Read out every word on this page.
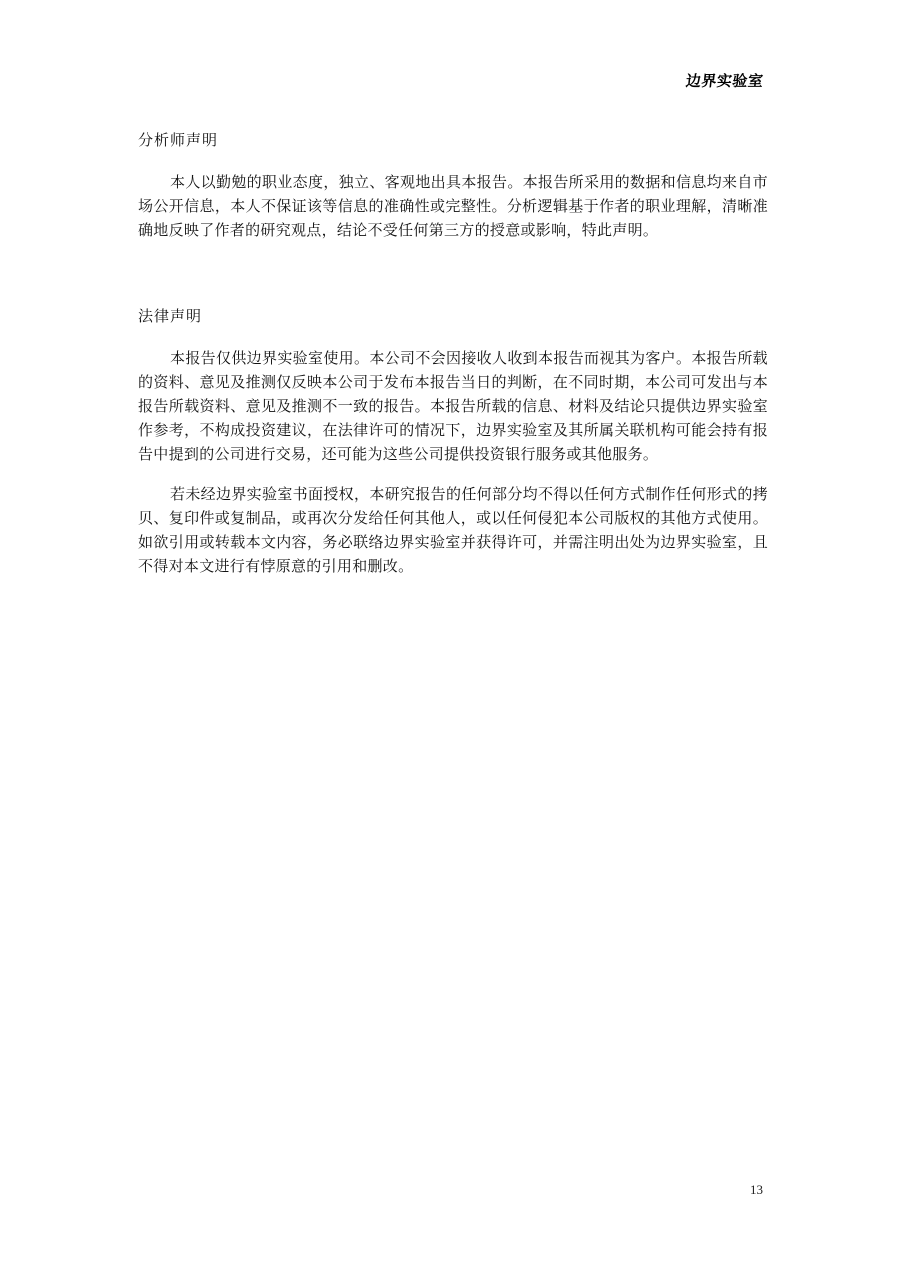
边界实验室
分析师声明

本人以勤勉的职业态度，独立、客观地出具本报告。本报告所采用的数据和信息均来自市场公开信息，本人不保证该等信息的准确性或完整性。分析逻辑基于作者的职业理解，清晰准确地反映了作者的研究观点，结论不受任何第三方的授意或影响，特此声明。

法律声明

本报告仅供边界实验室使用。本公司不会因接收人收到本报告而视其为客户。本报告所载的资料、意见及推测仅反映本公司于发布本报告当日的判断，在不同时期，本公司可发出与本报告所载资料、意见及推测不一致的报告。本报告所载的信息、材料及结论只提供边界实验室作参考，不构成投资建议，在法律许可的情况下，边界实验室及其所属关联机构可能会持有报告中提到的公司进行交易，还可能为这些公司提供投资银行服务或其他服务。

若未经边界实验室书面授权，本研究报告的任何部分均不得以任何方式制作任何形式的拷贝、复印件或复制品，或再次分发给任何其他人，或以任何侵犯本公司版权的其他方式使用。如欲引用或转载本文内容，务必联络边界实验室并获得许可，并需注明出处为边界实验室，且不得对本文进行有悖原意的引用和删改。

13
